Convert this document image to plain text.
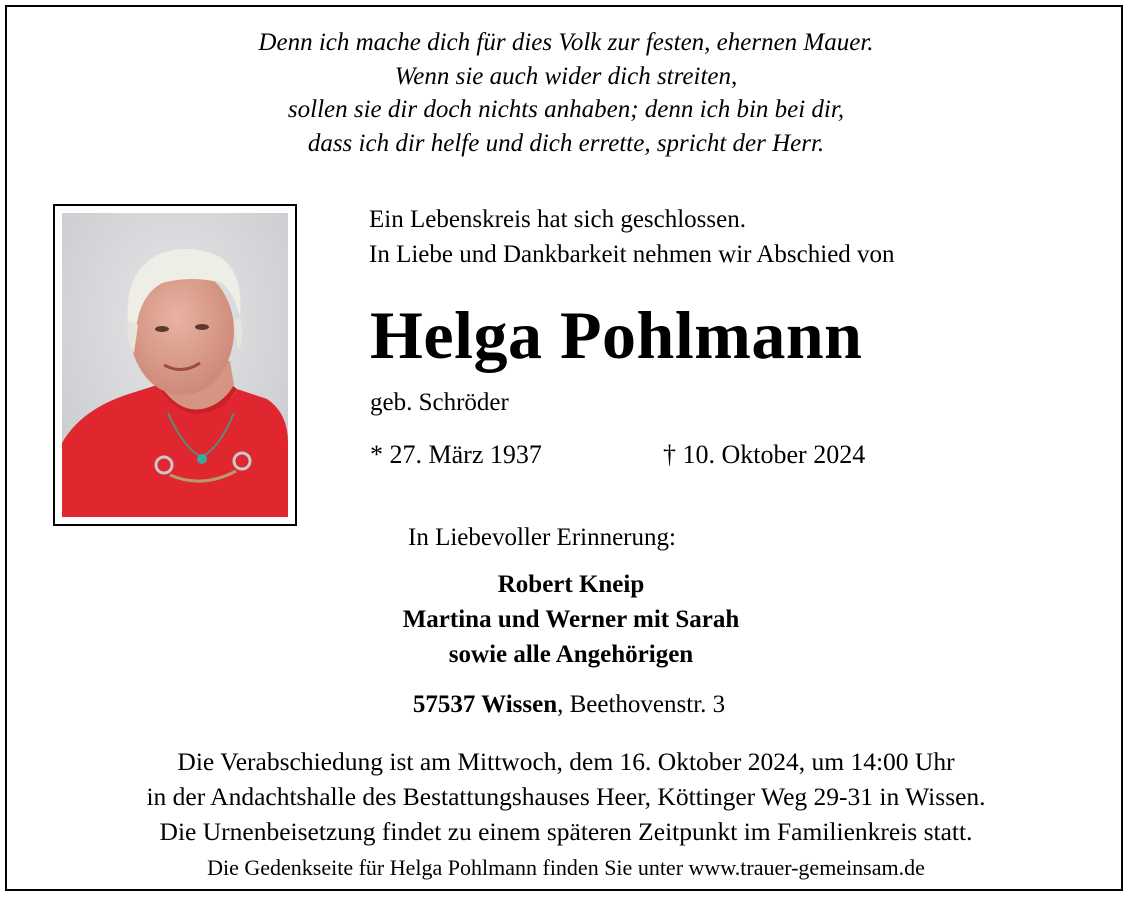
Denn ich mache dich für dies Volk zur festen, ehernen Mauer.
Wenn sie auch wider dich streiten,
sollen sie dir doch nichts anhaben; denn ich bin bei dir,
dass ich dir helfe und dich errette, spricht der Herr.
Ein Lebenskreis hat sich geschlossen.
In Liebe und Dankbarkeit nehmen wir Abschied von
Helga Pohlmann
geb. Schröder
* 27. März 1937	† 10. Oktober 2024
In Liebevoller Erinnerung:
Robert Kneip
Martina und Werner mit Sarah
sowie alle Angehörigen
57537 Wissen, Beethovenstr. 3
Die Verabschiedung ist am Mittwoch, dem 16. Oktober 2024, um 14:00 Uhr
in der Andachtshalle des Bestattungshauses Heer, Köttinger Weg 29-31 in Wissen.
Die Urnenbeisetzung findet zu einem späteren Zeitpunkt im Familienkreis statt.
Die Gedenkseite für Helga Pohlmann finden Sie unter www.trauer-gemeinsam.de
